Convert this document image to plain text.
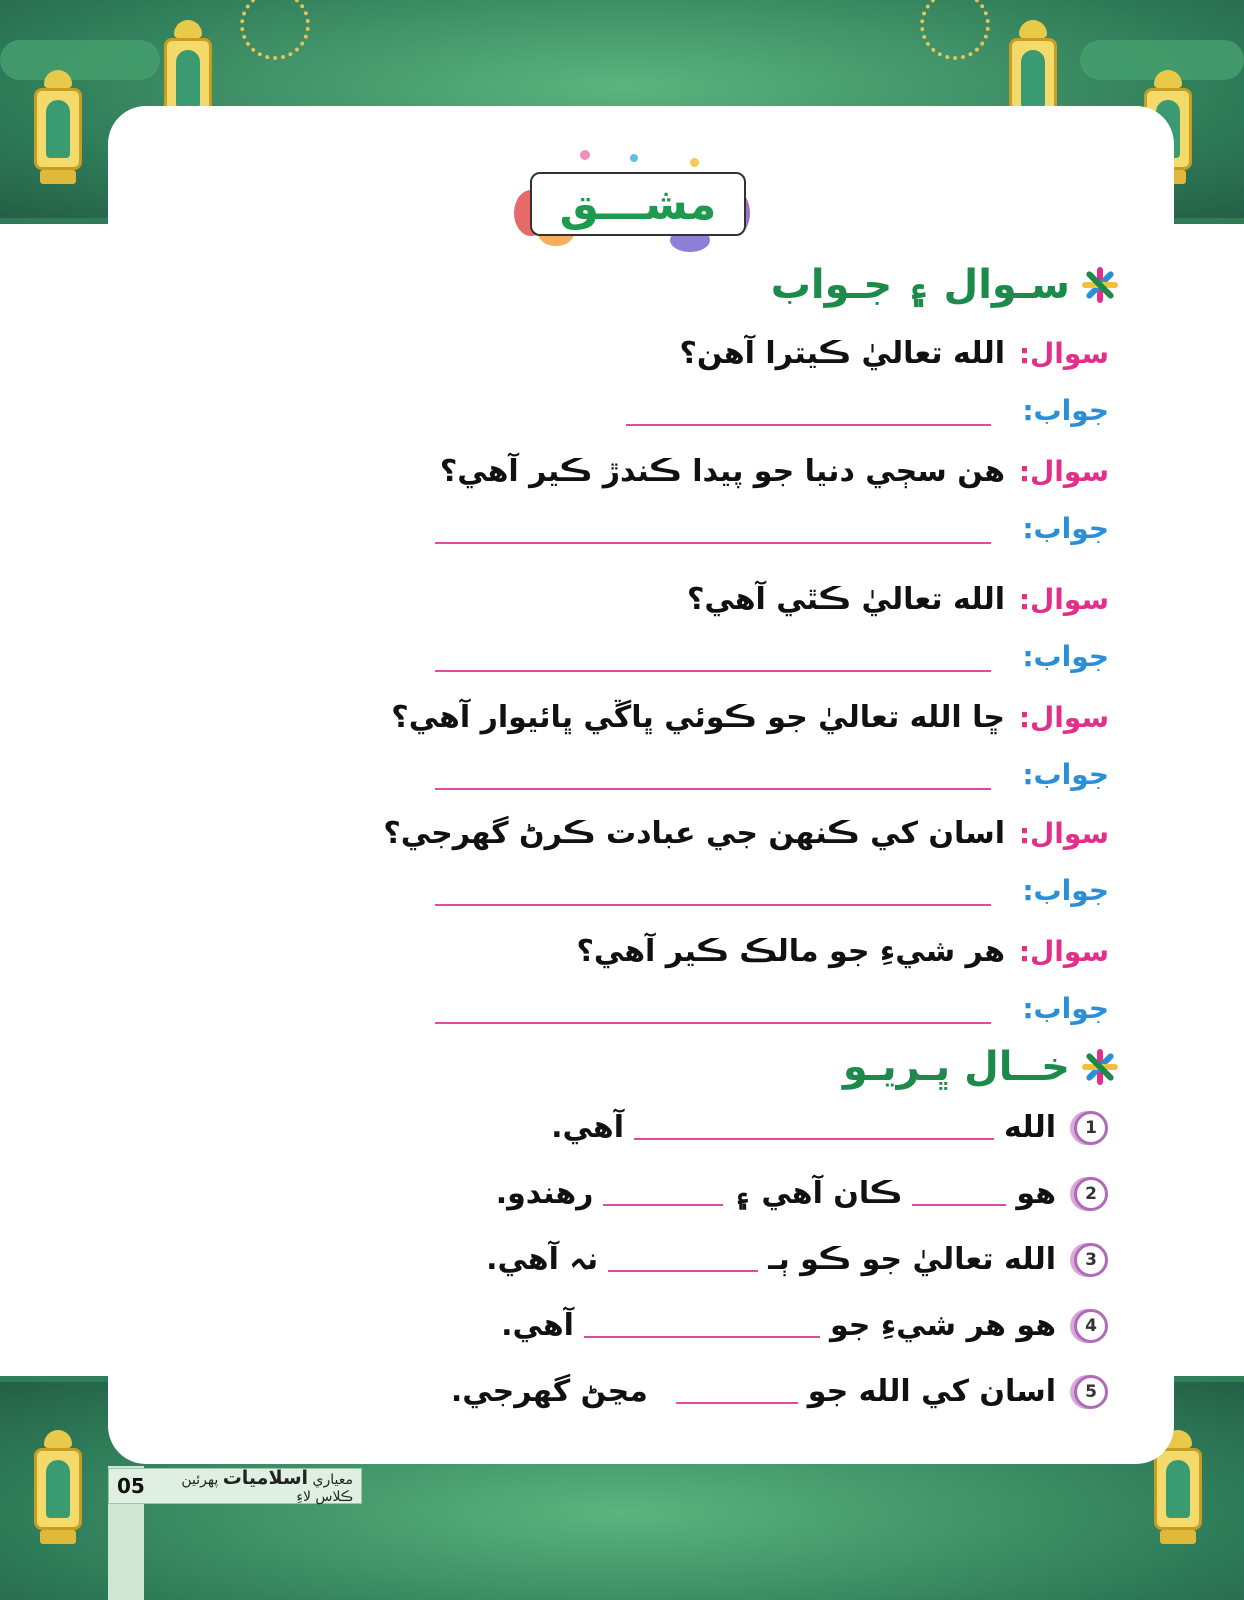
05	معياري اسلاميات پهرئين ڪلاس لاءِ
مشـــق
سـوال ۽ جـواب
سوال:
الله تعاليٰ ڪيترا آهن؟
جواب:
سوال:
هن سڄي دنيا جو پيدا ڪندڙ ڪير آهي؟
جواب:
سوال:
الله تعاليٰ ڪٿي آهي؟
جواب:
سوال:
ڇا الله تعاليٰ جو ڪوئي ڀاڱي ڀائيوار آهي؟
جواب:
سوال:
اسان کي ڪنهن جي عبادت ڪرڻ گهرجي؟
جواب:
سوال:
هر شيءِ جو مالڪ ڪير آهي؟
جواب:
خــال ڀـريـو
1
الله
آهي.
2
هو
ڪان آهي ۽
رهندو.
3
الله تعاليٰ جو ڪو ٻـ
نہ آهي.
4
هو هر شيءِ جو
آهي.
5
اسان کي الله جو
مڃڻ گهرجي.
